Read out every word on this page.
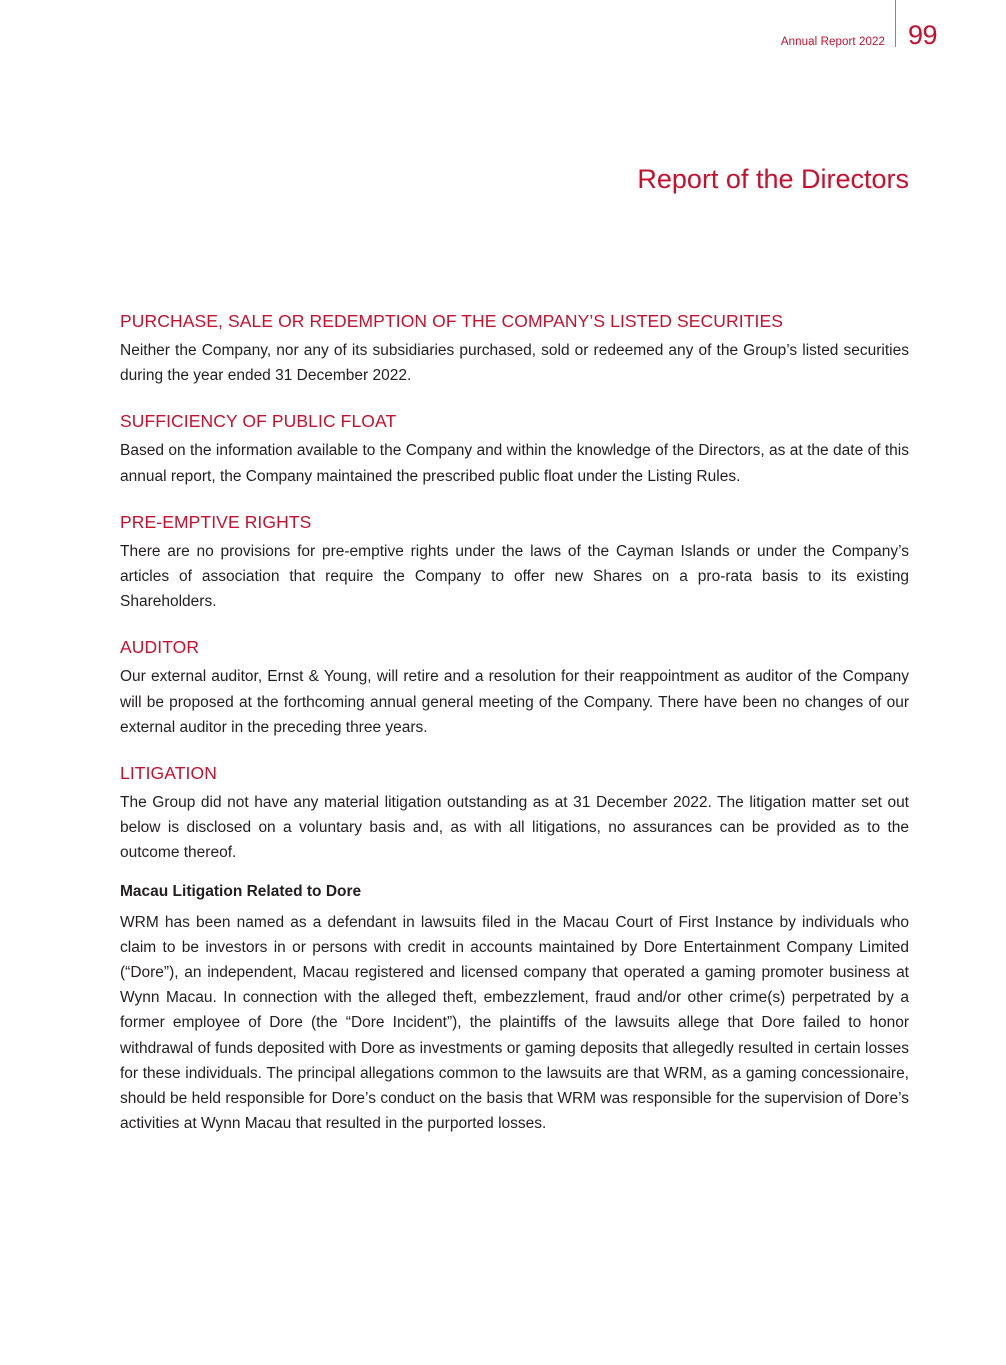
Annual Report 2022 99
Report of the Directors
PURCHASE, SALE OR REDEMPTION OF THE COMPANY’S LISTED SECURITIES

Neither the Company, nor any of its subsidiaries purchased, sold or redeemed any of the Group’s listed securities during the year ended 31 December 2022.

SUFFICIENCY OF PUBLIC FLOAT

Based on the information available to the Company and within the knowledge of the Directors, as at the date of this annual report, the Company maintained the prescribed public float under the Listing Rules.

PRE-EMPTIVE RIGHTS

There are no provisions for pre-emptive rights under the laws of the Cayman Islands or under the Company’s articles of association that require the Company to offer new Shares on a pro-rata basis to its existing Shareholders.

AUDITOR

Our external auditor, Ernst & Young, will retire and a resolution for their reappointment as auditor of the Company will be proposed at the forthcoming annual general meeting of the Company. There have been no changes of our external auditor in the preceding three years.

LITIGATION

The Group did not have any material litigation outstanding as at 31 December 2022. The litigation matter set out below is disclosed on a voluntary basis and, as with all litigations, no assurances can be provided as to the outcome thereof.

Macau Litigation Related to Dore

WRM has been named as a defendant in lawsuits filed in the Macau Court of First Instance by individuals who claim to be investors in or persons with credit in accounts maintained by Dore Entertainment Company Limited (“Dore”), an independent, Macau registered and licensed company that operated a gaming promoter business at Wynn Macau. In connection with the alleged theft, embezzlement, fraud and/or other crime(s) perpetrated by a former employee of Dore (the “Dore Incident”), the plaintiffs of the lawsuits allege that Dore failed to honor withdrawal of funds deposited with Dore as investments or gaming deposits that allegedly resulted in certain losses for these individuals. The principal allegations common to the lawsuits are that WRM, as a gaming concessionaire, should be held responsible for Dore’s conduct on the basis that WRM was responsible for the supervision of Dore’s activities at Wynn Macau that resulted in the purported losses.
